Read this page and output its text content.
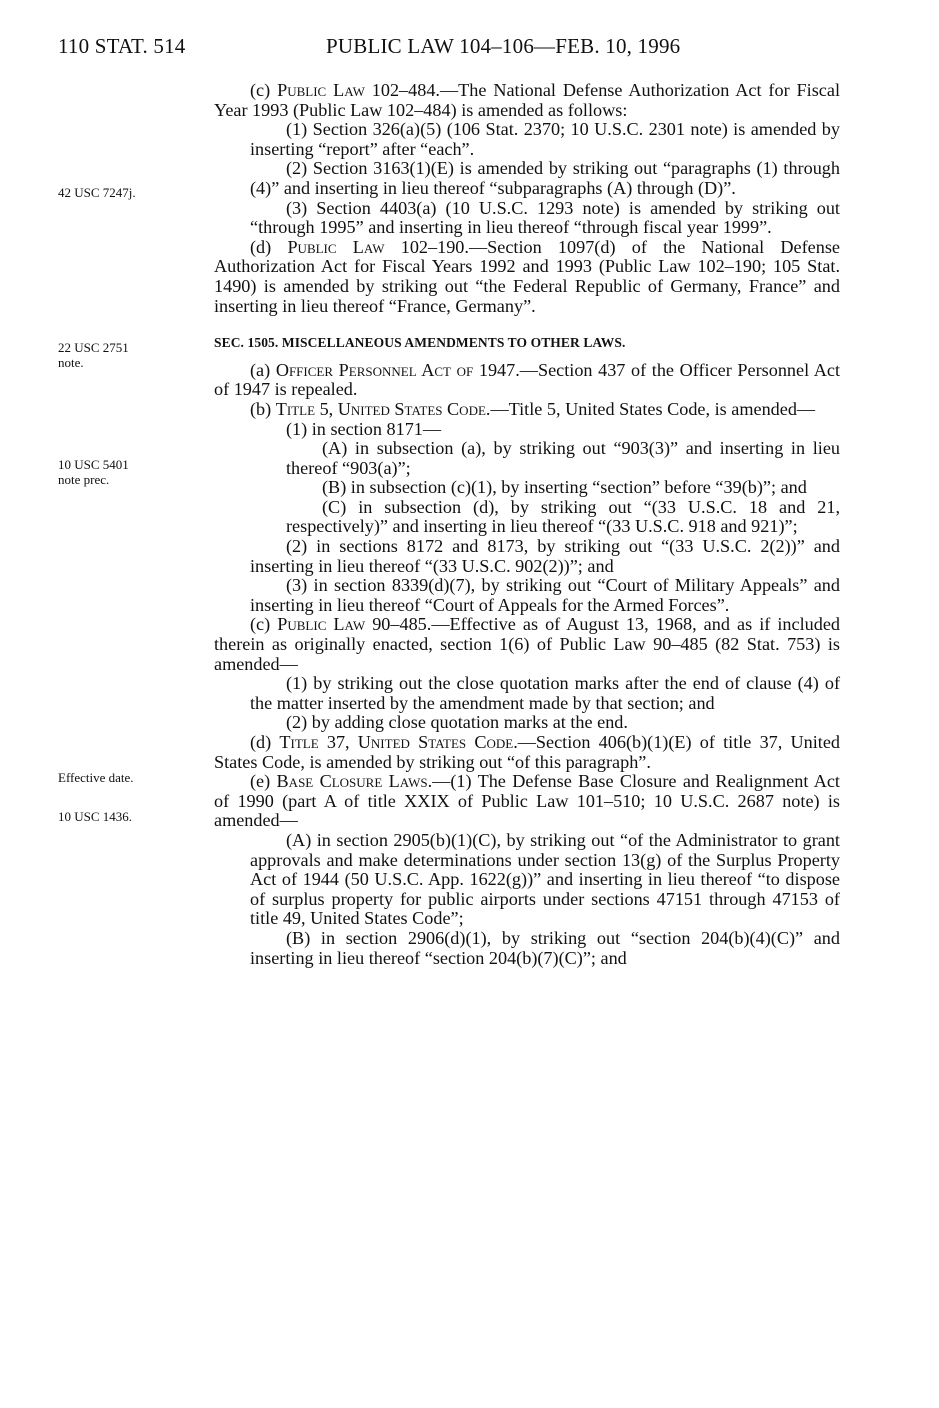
110 STAT. 514	PUBLIC LAW 104–106—FEB. 10, 1996
42 USC 7247j.
22 USC 2751
note.
10 USC 5401
note prec.
Effective date.
10 USC 1436.

(c) Public Law 102–484.—The National Defense Authorization Act for Fiscal Year 1993 (Public Law 102–484) is amended as follows:

(1) Section 326(a)(5) (106 Stat. 2370; 10 U.S.C. 2301 note) is amended by inserting “report” after “each”.

(2) Section 3163(1)(E) is amended by striking out “paragraphs (1) through (4)” and inserting in lieu thereof “subparagraphs (A) through (D)”.

(3) Section 4403(a) (10 U.S.C. 1293 note) is amended by striking out “through 1995” and inserting in lieu thereof “through fiscal year 1999”.

(d) Public Law 102–190.—Section 1097(d) of the National Defense Authorization Act for Fiscal Years 1992 and 1993 (Public Law 102–190; 105 Stat. 1490) is amended by striking out “the Federal Republic of Germany, France” and inserting in lieu thereof “France, Germany”.

SEC. 1505. MISCELLANEOUS AMENDMENTS TO OTHER LAWS.

(a) Officer Personnel Act of 1947.—Section 437 of the Officer Personnel Act of 1947 is repealed.

(b) Title 5, United States Code.—Title 5, United States Code, is amended—

(1) in section 8171—

(A) in subsection (a), by striking out “903(3)” and inserting in lieu thereof “903(a)”;

(B) in subsection (c)(1), by inserting “section” before “39(b)”; and

(C) in subsection (d), by striking out “(33 U.S.C. 18 and 21, respectively)” and inserting in lieu thereof “(33 U.S.C. 918 and 921)”;

(2) in sections 8172 and 8173, by striking out “(33 U.S.C. 2(2))” and inserting in lieu thereof “(33 U.S.C. 902(2))”; and

(3) in section 8339(d)(7), by striking out “Court of Military Appeals” and inserting in lieu thereof “Court of Appeals for the Armed Forces”.

(c) Public Law 90–485.—Effective as of August 13, 1968, and as if included therein as originally enacted, section 1(6) of Public Law 90–485 (82 Stat. 753) is amended—

(1) by striking out the close quotation marks after the end of clause (4) of the matter inserted by the amendment made by that section; and

(2) by adding close quotation marks at the end.

(d) Title 37, United States Code.—Section 406(b)(1)(E) of title 37, United States Code, is amended by striking out “of this paragraph”.

(e) Base Closure Laws.—(1) The Defense Base Closure and Realignment Act of 1990 (part A of title XXIX of Public Law 101–510; 10 U.S.C. 2687 note) is amended—

(A) in section 2905(b)(1)(C), by striking out “of the Administrator to grant approvals and make determinations under section 13(g) of the Surplus Property Act of 1944 (50 U.S.C. App. 1622(g))” and inserting in lieu thereof “to dispose of surplus property for public airports under sections 47151 through 47153 of title 49, United States Code”;

(B) in section 2906(d)(1), by striking out “section 204(b)(4)(C)” and inserting in lieu thereof “section 204(b)(7)(C)”; and
